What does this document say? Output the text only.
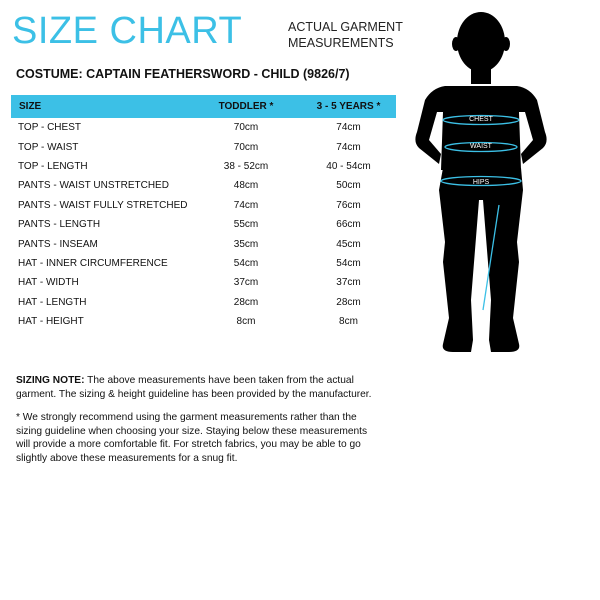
SIZE CHART	ACTUAL GARMENT
MEASUREMENTS
COSTUME: CAPTAIN FEATHERSWORD - CHILD (9826/7)
SIZE	TODDLER *	3 - 5 YEARS *
TOP - CHEST	70cm	74cm
TOP - WAIST	70cm	74cm
TOP - LENGTH	38 - 52cm	40 - 54cm
PANTS - WAIST UNSTRETCHED	48cm	50cm
PANTS - WAIST FULLY STRETCHED	74cm	76cm
PANTS - LENGTH	55cm	66cm
PANTS - INSEAM	35cm	45cm
HAT - INNER CIRCUMFERENCE	54cm	54cm
HAT - WIDTH	37cm	37cm
HAT - LENGTH	28cm	28cm
HAT - HEIGHT	8cm	8cm

SIZING NOTE: The above measurements have been taken from the actual garment. The sizing & height guideline has been provided by the manufacturer.

* We strongly recommend using the garment measurements rather than the sizing guideline when choosing your size. Staying below these measurements will provide a more comfortable fit. For stretch fabrics, you may be able to go slightly above these measurements for a snug fit.

CHEST
WAIST
HIPS
INSEAM
